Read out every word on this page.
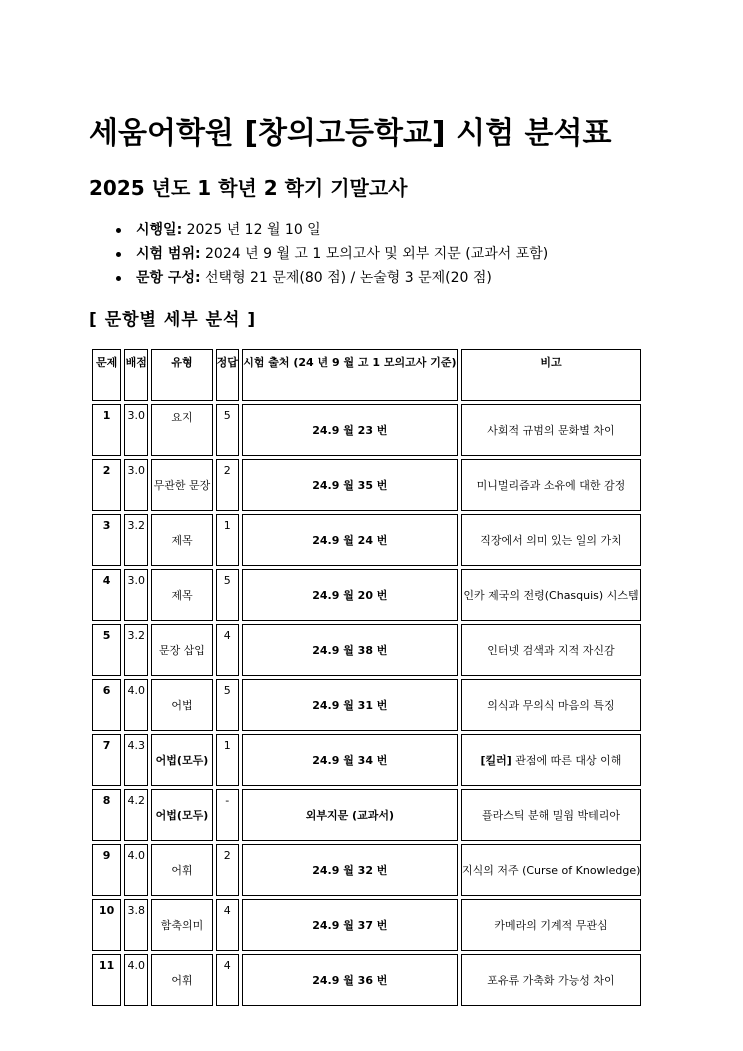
세움어학원 [창의고등학교] 시험 분석표
2025 년도 1 학년 2 학기 기말고사
시행일: 2025 년 12 월 10 일
시험 범위: 2024 년 9 월 고 1 모의고사 및 외부 지문 (교과서 포함)
문항 구성: 선택형 21 문제(80 점) / 논술형 3 문제(20 점)
[ 문항별 세부 분석 ]
문제	배점	유형	정답	시험 출처 (24 년 9 월 고 1 모의고사 기준)	비고
1	3.0	요지	5	24.9 월 23 번	사회적 규범의 문화별 차이
2	3.0	무관한 문장	2	24.9 월 35 번	미니멀리즘과 소유에 대한 감정
3	3.2	제목	1	24.9 월 24 번	직장에서 의미 있는 일의 가치
4	3.0	제목	5	24.9 월 20 번	인카 제국의 전령(Chasquis) 시스템
5	3.2	문장 삽입	4	24.9 월 38 번	인터넷 검색과 지적 자신감
6	4.0	어법	5	24.9 월 31 번	의식과 무의식 마음의 특징
7	4.3	어법(모두)	1	24.9 월 34 번	[킬러] 관점에 따른 대상 이해
8	4.2	어법(모두)	-	외부지문 (교과서)	플라스틱 분해 밀웜 박테리아
9	4.0	어휘	2	24.9 월 32 번	지식의 저주 (Curse of Knowledge)
10	3.8	함축의미	4	24.9 월 37 번	카메라의 기계적 무관심
11	4.0	어휘	4	24.9 월 36 번	포유류 가축화 가능성 차이
